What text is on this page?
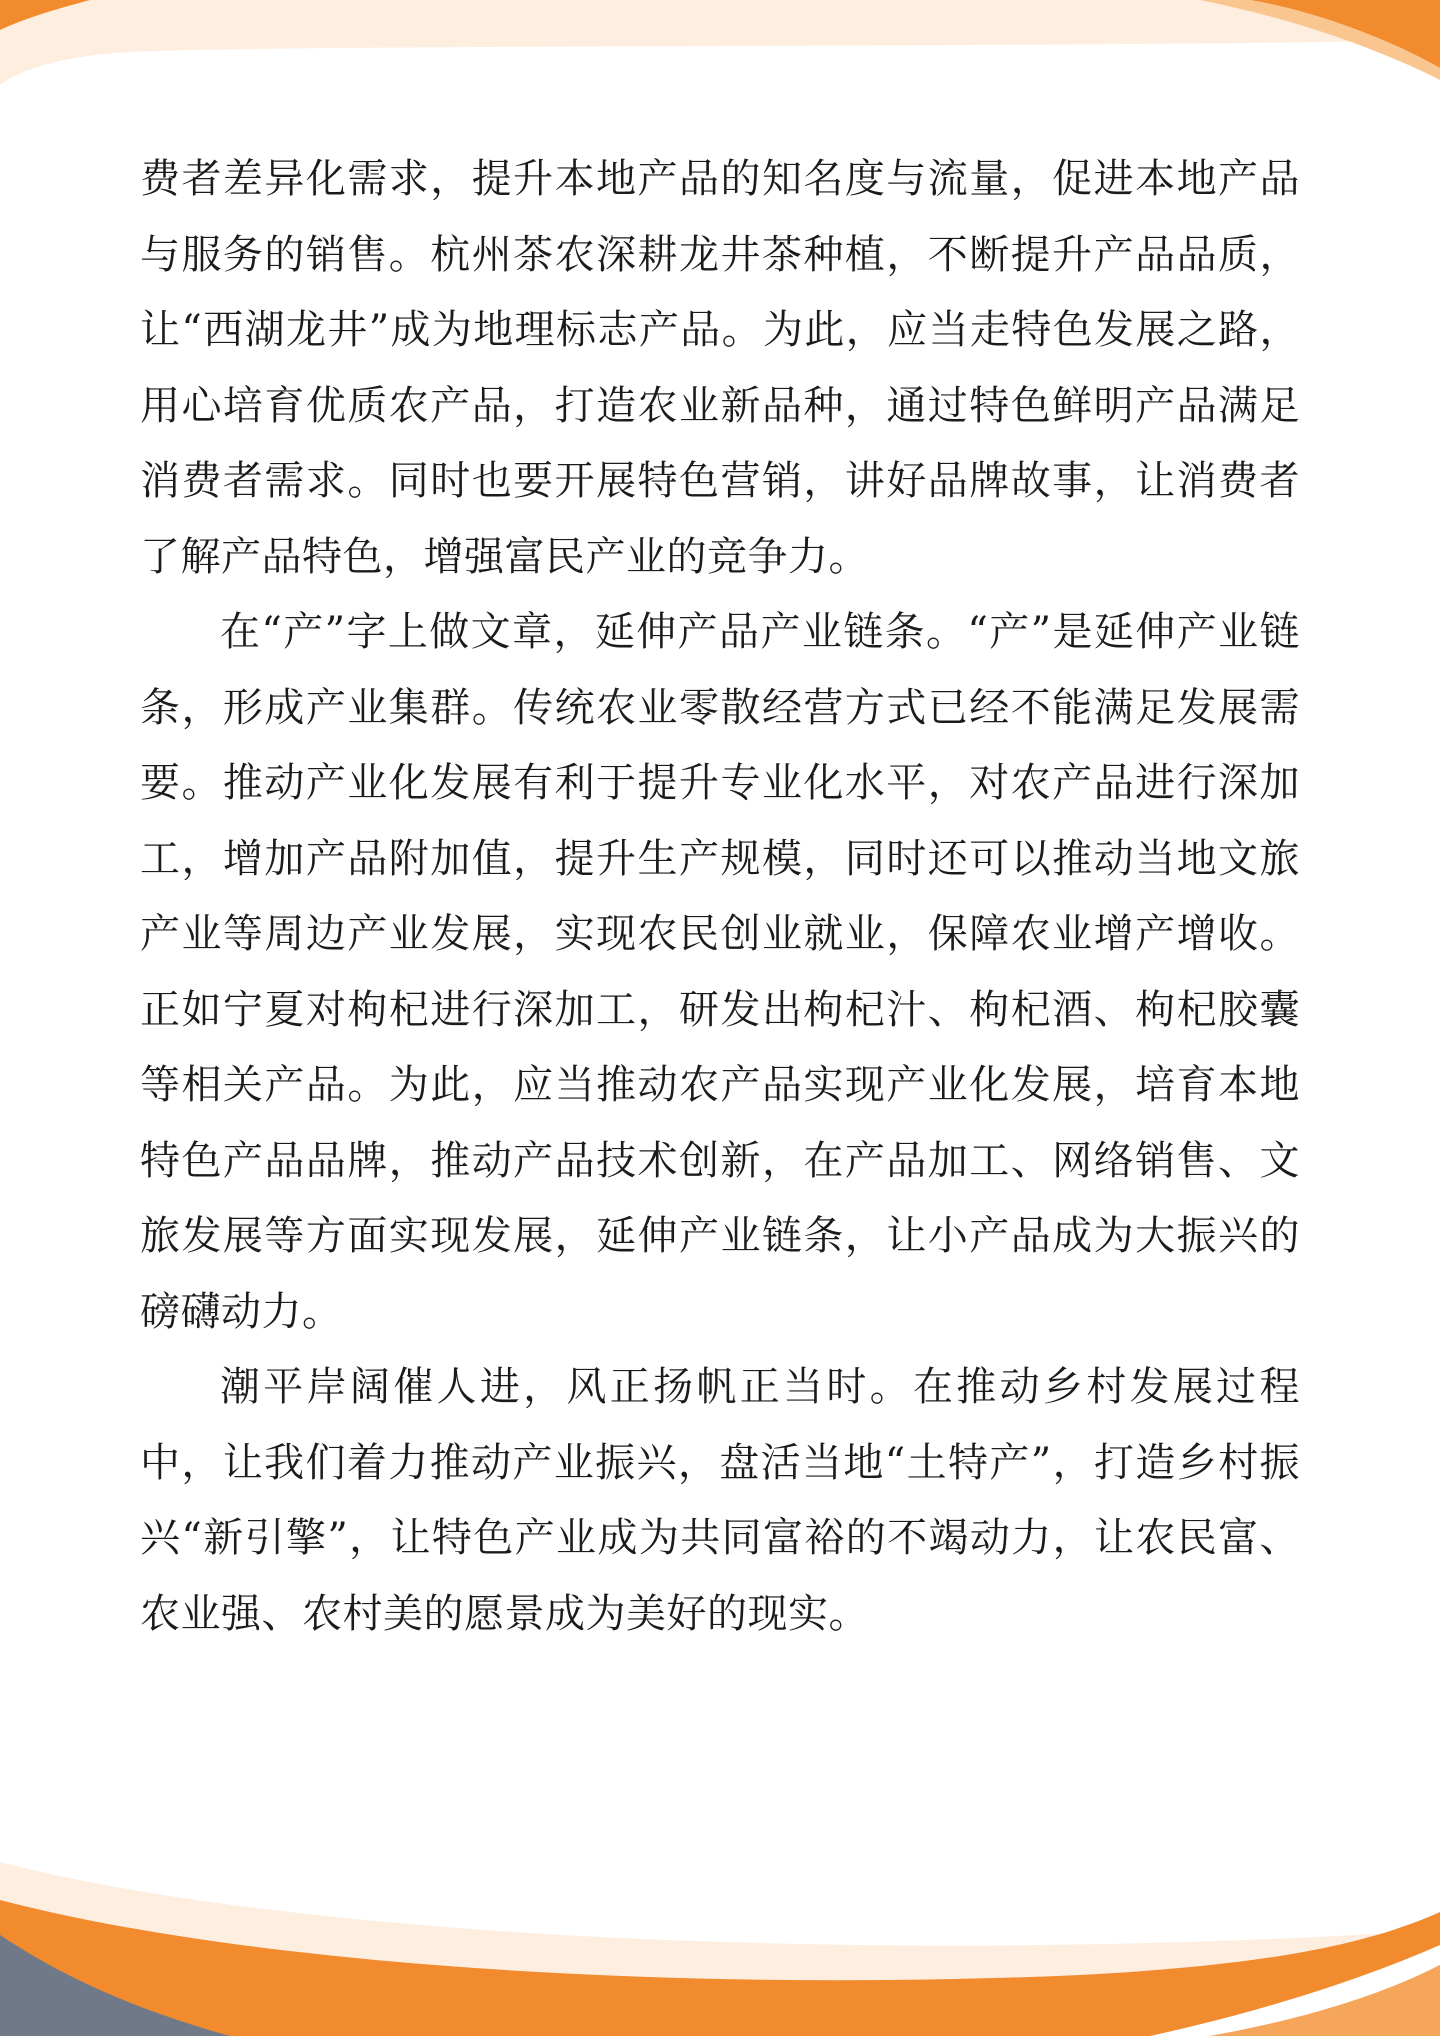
费者差异化需求，提升本地产品的知名度与流量，促进本地产品与服务的销售。杭州茶农深耕龙井茶种植，不断提升产品品质，让“西湖龙井”成为地理标志产品。为此，应当走特色发展之路，用心培育优质农产品，打造农业新品种，通过特色鲜明产品满足消费者需求。同时也要开展特色营销，讲好品牌故事，让消费者了解产品特色，增强富民产业的竞争力。

在“产”字上做文章，延伸产品产业链条。“产”是延伸产业链条，形成产业集群。传统农业零散经营方式已经不能满足发展需要。推动产业化发展有利于提升专业化水平，对农产品进行深加工，增加产品附加值，提升生产规模，同时还可以推动当地文旅产业等周边产业发展，实现农民创业就业，保障农业增产增收。正如宁夏对枸杞进行深加工，研发出枸杞汁、枸杞酒、枸杞胶囊等相关产品。为此，应当推动农产品实现产业化发展，培育本地特色产品品牌，推动产品技术创新，在产品加工、网络销售、文旅发展等方面实现发展，延伸产业链条，让小产品成为大振兴的磅礴动力。

潮平岸阔催人进，风正扬帆正当时。在推动乡村发展过程中，让我们着力推动产业振兴，盘活当地“土特产”，打造乡村振兴“新引擎”，让特色产业成为共同富裕的不竭动力，让农民富、农业强、农村美的愿景成为美好的现实。
